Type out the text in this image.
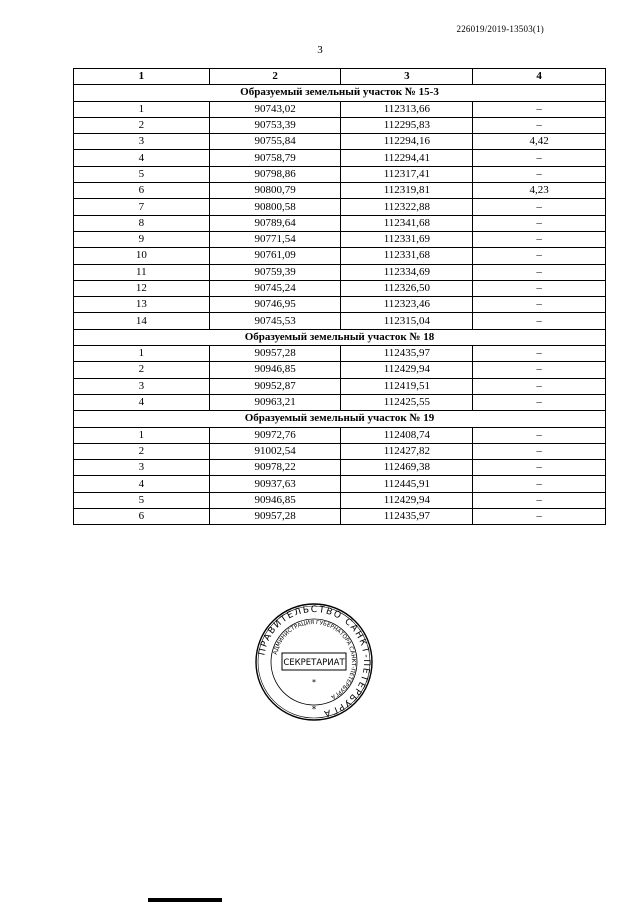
226019/2019-13503(1)
3
1	2	3	4
Образуемый земельный участок № 15-3			
1	90743,02	112313,66	–
2	90753,39	112295,83	–
3	90755,84	112294,16	4,42
4	90758,79	112294,41	–
5	90798,86	112317,41	–
6	90800,79	112319,81	4,23
7	90800,58	112322,88	–
8	90789,64	112341,68	–
9	90771,54	112331,69	–
10	90761,09	112331,68	–
11	90759,39	112334,69	–
12	90745,24	112326,50	–
13	90746,95	112323,46	–
14	90745,53	112315,04	–
Образуемый земельный участок № 18			
1	90957,28	112435,97	–
2	90946,85	112429,94	–
3	90952,87	112419,51	–
4	90963,21	112425,55	–
Образуемый земельный участок № 19			
1	90972,76	112408,74	–
2	91002,54	112427,82	–
3	90978,22	112469,38	–
4	90937,63	112445,91	–
5	90946,85	112429,94	–
6	90957,28	112435,97	–
ПРАВИТЕЛЬСТВО САНКТ-ПЕТЕРБУРГА
АДМИНИСТРАЦИЯ ГУБЕРНАТОРА САНКТ-ПЕТЕРБУРГА
СЕКРЕТАРИАТ
*
*
